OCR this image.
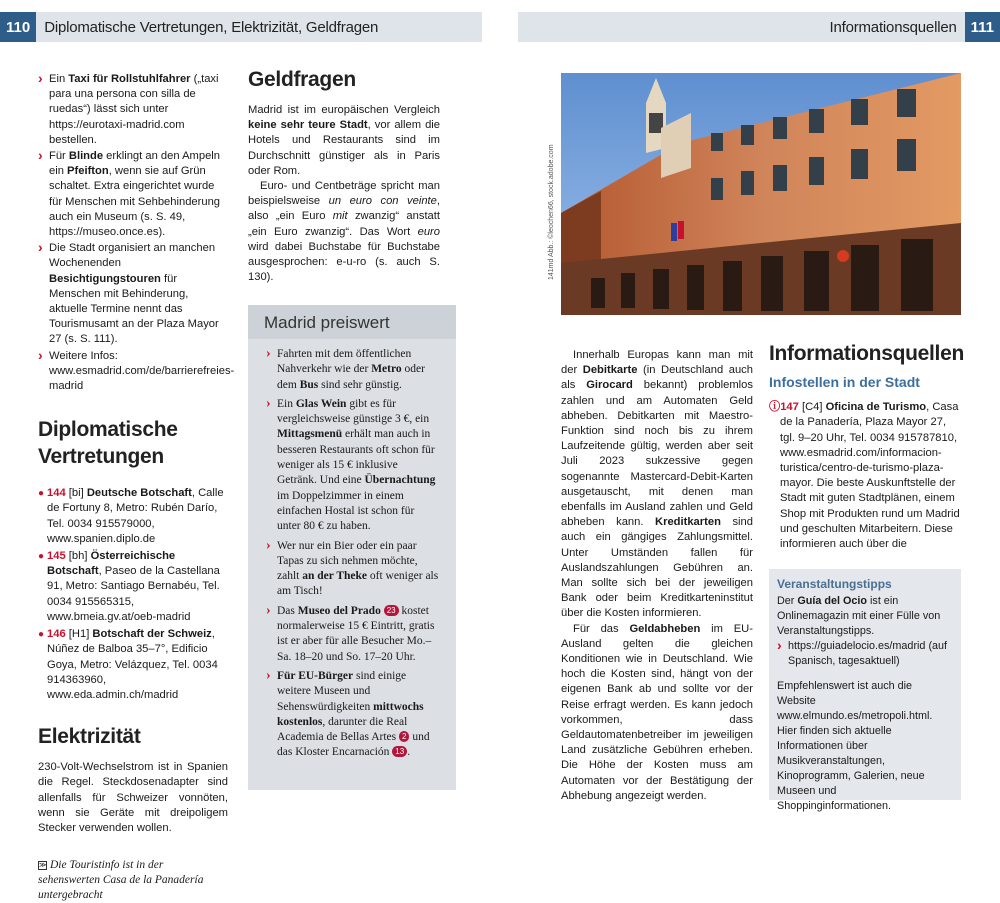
110 Diplomatische Vertretungen, Elektrizität, Geldfragen	Informationsquellen 111
› Ein Taxi für Rollstuhlfahrer („taxi para una persona con silla de ruedas“) lässt sich unter https://eurotaxi-madrid.com bestellen.
› Für Blinde erklingt an den Ampeln ein Pfeifton, wenn sie auf Grün schaltet. Extra eingerichtet wurde für Menschen mit Sehbehinderung auch ein Museum (s. S. 49, https://museo.once.es).
› Die Stadt organisiert an manchen Wochenenden Besichtigungstouren für Menschen mit Behinderung, aktuelle Termine nennt das Tourismusamt an der Plaza Mayor 27 (s. S. 111).
› Weitere Infos: www.esmadrid.com/de/barrierefreies-madrid
Diplomatische Vertretungen
● 144 [bi] Deutsche Botschaft, Calle de Fortuny 8, Metro: Rubén Darío, Tel. 0034 915579000, www.spanien.diplo.de
● 145 [bh] Österreichische Botschaft, Paseo de la Castellana 91, Metro: Santiago Bernabéu, Tel. 0034 915565315, www.bmeia.gv.at/oeb-madrid
● 146 [H1] Botschaft der Schweiz, Núñez de Balboa 35–7°, Edificio Goya, Metro: Velázquez, Tel. 0034 914363960, www.eda.admin.ch/madrid
Elektrizität

230-Volt-Wechselstrom ist in Spanien die Regel. Steckdosenadapter sind allenfalls für Schweizer vonnöten, wenn sie Geräte mit dreipoligem Stecker verwenden wollen.

≫ Die Touristinfo ist in der sehenswerten Casa de la Panadería untergebracht

Geldfragen

Madrid ist im europäischen Vergleich keine sehr teure Stadt, vor allem die Hotels und Restaurants sind im Durchschnitt günstiger als in Paris oder Rom.

Euro- und Centbeträge spricht man beispielsweise un euro con veinte, also „ein Euro mit zwanzig“ anstatt „ein Euro zwanzig“. Das Wort euro wird dabei Buchstabe für Buchstabe ausgesprochen: e-u-ro (s. auch S. 130).

Madrid preiswert
› Fahrten mit dem öffentlichen Nahverkehr wie der Metro oder dem Bus sind sehr günstig.
› Ein Glas Wein gibt es für vergleichsweise günstige 3 €, ein Mittagsmenü erhält man auch in besseren Restaurants oft schon für weniger als 15 € inklusive Getränk. Und eine Übernachtung im Doppelzimmer in einem einfachen Hostal ist schon für unter 80 € zu haben.
› Wer nur ein Bier oder ein paar Tapas zu sich nehmen möchte, zahlt an der Theke oft weniger als am Tisch!
› Das Museo del Prado 23 kostet normalerweise 15 € Eintritt, gratis ist er aber für alle Besucher Mo.–Sa. 18–20 und So. 17–20 Uhr.
› Für EU-Bürger sind einige weitere Museen und Sehenswürdigkeiten mittwochs kostenlos, darunter die Real Academia de Bellas Artes 2 und das Kloster Encarnación 13 .
141md Abb.: ©leochen66, stock.adobe.com

Innerhalb Europas kann man mit der Debitkarte (in Deutschland auch als Girocard bekannt) problemlos zahlen und am Automaten Geld abheben. Debitkarten mit Maestro-Funktion sind noch bis zu ihrem Laufzeitende gültig, werden aber seit Juli 2023 sukzessive gegen sogenannte Mastercard-Debit-Karten ausgetauscht, mit denen man ebenfalls im Ausland zahlen und Geld abheben kann. Kreditkarten sind auch ein gängiges Zahlungsmittel. Unter Umständen fallen für Auslandszahlungen Gebühren an. Man sollte sich bei der jeweiligen Bank oder beim Kreditkarteninstitut über die Kosten informieren.

Für das Geldabheben im EU-Ausland gelten die gleichen Konditionen wie in Deutschland. Wie hoch die Kosten sind, hängt von der eigenen Bank ab und sollte vor der Reise erfragt werden. Es kann jedoch vorkommen, dass Geldautomatenbetreiber im jeweiligen Land zusätzliche Gebühren erheben. Die Höhe der Kosten muss am Automaten vor der Bestätigung der Abhebung angezeigt werden.

Informationsquellen
Infostellen in der Stadt

ⓘ147 [C4] Oficina de Turismo, Casa de la Panadería, Plaza Mayor 27, tgl. 9–20 Uhr, Tel. 0034 915787810, www.esmadrid.com/informacion-turistica/centro-de-turismo-plaza-mayor. Die beste Auskunftstelle der Stadt mit guten Stadtplänen, einem Shop mit Produkten rund um Madrid und geschulten Mitarbeitern. Diese informieren auch über die

Veranstaltungstipps

Der Guía del Ocio ist ein Onlinemagazin mit einer Fülle von Veranstaltungstipps.

› https://guiadelocio.es/madrid (auf Spanisch, tagesaktuell)

Empfehlenswert ist auch die Website www.elmundo.es/metropoli.html. Hier finden sich aktuelle Informationen über Musikveranstaltungen, Kinoprogramm, Galerien, neue Museen und Shoppinginformationen.
